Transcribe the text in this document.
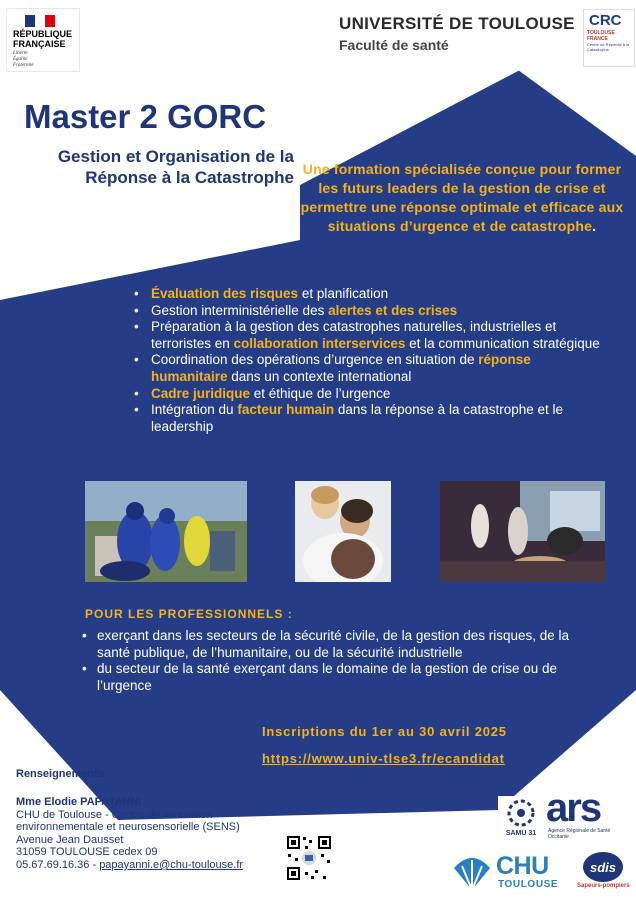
RÉPUBLIQUE
FRANÇAISE
Liberté
Égalité
Fraternité
UNIVERSITÉ DE TOULOUSE
Faculté de santé
CRC
TOULOUSE FRANCE
Centre de Réponse à la Catastrophe
Master 2 GORC
Gestion et Organisation de la
Réponse à la Catastrophe Une formation spécialisée conçue pour former les futurs leaders de la gestion de crise et permettre une réponse optimale et efficace aux situations d’urgence et de catastrophe.
• Évaluation des risques et planification
• Gestion interministérielle des alertes et des crises
• Préparation à la gestion des catastrophes naturelles, industrielles et terroristes en collaboration interservices et la communication stratégique
• Coordination des opérations d’urgence en situation de réponse humanitaire dans un contexte international
• Cadre juridique et éthique de l’urgence
• Intégration du facteur humain dans la réponse à la catastrophe et le leadership
POUR LES PROFESSIONNELS :
• exerçant dans les secteurs de la sécurité civile, de la gestion des risques, de la santé publique, de l’humanitaire, ou de la sécurité industrielle
• du secteur de la santé exerçant dans le domaine de la gestion de crise ou de l’urgence
Inscriptions du 1er au 30 avril 2025
https://www.univ-tlse3.fr/ecandidat
Renseignements :
Mme Elodie PAPAYANNI
CHU de Toulouse - Centre de simulation
environnementale et neurosensorielle (SENS)
Avenue Jean Dausset
31059 TOULOUSE cedex 09
05.67.69.16.36 - papayanni.e@chu-toulouse.fr
SAMU 31
ars
Agence Régionale de Santé Occitanie
CHU
TOULOUSE
sdis
Sapeurs-pompiers
